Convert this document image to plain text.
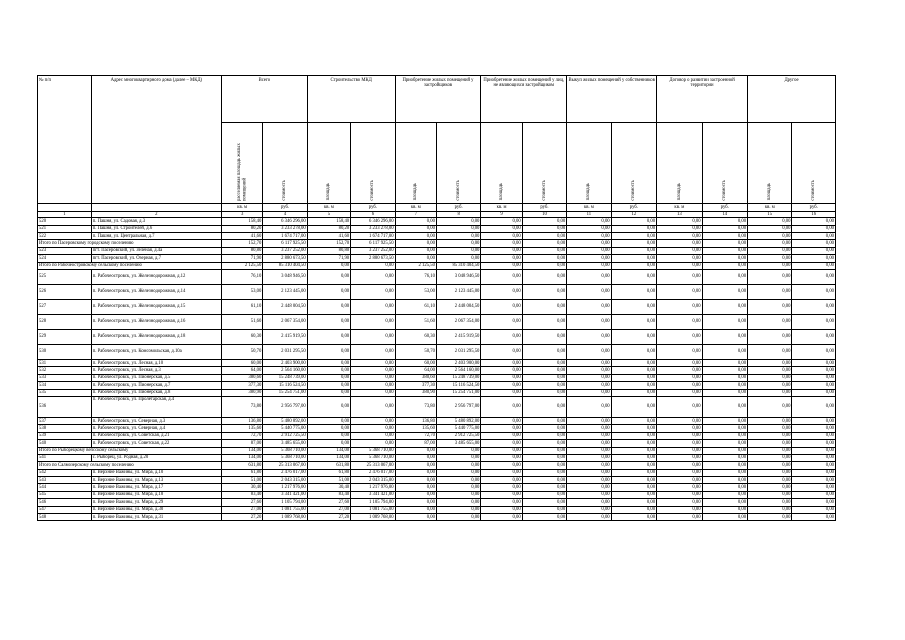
№ п/п	Адрес многоквартирного дома (далее – МКД)	Всего		Строительство МКД		Приобретение жилых помещений у застройщиков		Приобретение жилых помещений у лиц, не являющихся застройщиком		Выкуп жилых помещений у собственников		Договор о развитии застроенной территории		Другое	
		расселяемая площадь жилых помещений	стоимость	площадь	стоимость	площадь	стоимость	площадь	стоимость	площадь	стоимость	площадь	стоимость	площадь	стоимость
		кв. м	руб.	кв. м	руб.	кв. м	руб.	кв. м	руб.	кв. м	руб.	кв. м	руб.	кв. м	руб.
1	2	3	4	5	6	7	8	9	10	11	12	13	14	15	16
520	п. Пашня, ул. Садовая, д.3	158,40	6 346 296,00	158,40	6 346 296,00	0,00	0,00	0,00	0,00	0,00	0,00	0,00	0,00	0,00	0,00
521	п. Пашня, ул. Строителей, д.6	80,20	3 233 278,00	80,20	3 233 278,00	0,00	0,00	0,00	0,00	0,00	0,00	0,00	0,00	0,00	0,00
522	п. Пашня, ул. Центральная, д.7	41,60	1 674 717,00	41,60	1 674 717,00	0,00	0,00	0,00	0,00	0,00	0,00	0,00	0,00	0,00	0,00
Итого по Пасеровскому городскому поселению		152,70	6 117 925,50	152,70	6 117 925,50	0,00	0,00	0,00	0,00	0,00	0,00	0,00	0,00	0,00	0,00
523	пгт. Пасеровский, ул. Зеленая, д.4а	80,80	3 237 252,00	80,80	3 237 252,00	0,00	0,00	0,00	0,00	0,00	0,00	0,00	0,00	0,00	0,00
524	пгт. Пасеровский, ул. Озерная, д.7	71,90	2 880 673,50	71,90	2 880 673,50	0,00	0,00	0,00	0,00	0,00	0,00	0,00	0,00	0,00	0,00
Итого по Рабочеостровскому сельскому поселению		2 125,50	85 310 404,50	0,00	0,00	2 125,50	85 310 404,50	0,00	0,00	0,00	0,00	0,00	0,00	0,00	0,00
525	п. Рабочеостровск, ул. Железнодорожная, д.12	76,10	3 048 946,50	0,00	0,00	76,10	3 048 946,50	0,00	0,00	0,00	0,00	0,00	0,00	0,00	0,00
526	п. Рабочеостровск, ул. Железнодорожная, д.14	53,00	2 123 445,00	0,00	0,00	53,00	2 123 445,00	0,00	0,00	0,00	0,00	0,00	0,00	0,00	0,00
527	п. Рабочеостровск, ул. Железнодорожная, д.15	61,10	2 448 004,50	0,00	0,00	61,10	2 448 004,50	0,00	0,00	0,00	0,00	0,00	0,00	0,00	0,00
528	п. Рабочеостровск, ул. Железнодорожная, д.16	51,60	2 067 354,00	0,00	0,00	51,60	2 067 354,00	0,00	0,00	0,00	0,00	0,00	0,00	0,00	0,00
529	п. Рабочеостровск, ул. Железнодорожная, д.18	60,30	2 415 919,50	0,00	0,00	60,30	2 415 919,50	0,00	0,00	0,00	0,00	0,00	0,00	0,00	0,00
530	п. Рабочеостровск, ул. Комсомольская, д.10а	50,70	2 031 295,50	0,00	0,00	50,70	2 031 295,50	0,00	0,00	0,00	0,00	0,00	0,00	0,00	0,00
531	п. Рабочеостровск, ул. Лесная, д.10	60,00	2 403 900,00	0,00	0,00	60,00	2 403 900,00	0,00	0,00	0,00	0,00	0,00	0,00	0,00	0,00
532	п. Рабочеостровск, ул. Лесная, д.3	64,00	2 564 160,00	0,00	0,00	64,00	2 564 160,00	0,00	0,00	0,00	0,00	0,00	0,00	0,00	0,00
533	п. Рабочеостровск, ул. Пионерская, д.5	380,60	15 248 739,00	0,00	0,00	380,60	15 248 739,00	0,00	0,00	0,00	0,00	0,00	0,00	0,00	0,00
534	п. Рабочеостровск, ул. Пионерская, д.7	377,30	15 116 524,50	0,00	0,00	377,30	15 116 524,50	0,00	0,00	0,00	0,00	0,00	0,00	0,00	0,00
535	п. Рабочеостровск, ул. Пионерская, д.8	380,90	15 254 751,00	0,00	0,00	380,90	15 254 751,00	0,00	0,00	0,00	0,00	0,00	0,00	0,00	0,00
536	п. Рабочеостровск, ул. Пролетарская, д.4	73,80	2 956 797,00	0,00	0,00	73,80	2 956 797,00	0,00	0,00	0,00	0,00	0,00	0,00	0,00	0,00
537	п. Рабочеостровск, ул. Северная, д.3	136,80	5 480 892,00	0,00	0,00	136,80	5 480 892,00	0,00	0,00	0,00	0,00	0,00	0,00	0,00	0,00
538	п. Рабочеостровск, ул. Северная, д.4	135,60	5 440 775,00	0,00	0,00	135,60	5 440 775,00	0,00	0,00	0,00	0,00	0,00	0,00	0,00	0,00
539	п. Рабочеостровск, ул. Советская, д.21	72,70	2 912 725,50	0,00	0,00	72,70	2 912 725,50	0,00	0,00	0,00	0,00	0,00	0,00	0,00	0,00
540	п. Рабочеостровск, ул. Советская, д.22	87,00	3 485 655,00	0,00	0,00	87,00	3 485 655,00	0,00	0,00	0,00	0,00	0,00	0,00	0,00	0,00
Итого по Рыборецкому вепсскому сельскому		134,00	5 368 710,00	134,00	5 368 710,00	0,00	0,00	0,00	0,00	0,00	0,00	0,00	0,00	0,00	0,00
541	с. Рыборец, ул. Родная, д.20	134,00	5 368 710,00	134,00	5 368 710,00	0,00	0,00	0,00	0,00	0,00	0,00	0,00	0,00	0,00	0,00
Итого по Салмозерскому сельскому поселению		631,80	25 313 067,00	631,80	25 313 067,00	0,00	0,00	0,00	0,00	0,00	0,00	0,00	0,00	0,00	0,00
542	п. Верхние Важины, ул. Мира, д.10	61,80	2 476 017,00	61,80	2 476 017,00	0,00	0,00	0,00	0,00	0,00	0,00	0,00	0,00	0,00	0,00
543	п. Верхние Важины, ул. Мира, д.13	51,00	2 043 315,00	51,00	2 043 315,00	0,00	0,00	0,00	0,00	0,00	0,00	0,00	0,00	0,00	0,00
544	п. Верхние Важины, ул. Мира, д.17	30,40	1 217 976,00	30,40	1 217 976,00	0,00	0,00	0,00	0,00	0,00	0,00	0,00	0,00	0,00	0,00
545	п. Верхние Важины, ул. Мира, д.18	83,40	3 341 421,00	83,40	3 341 421,00	0,00	0,00	0,00	0,00	0,00	0,00	0,00	0,00	0,00	0,00
546	п. Верхние Важины, ул. Мира, д.29	27,60	1 105 794,00	27,60	1 105 794,00	0,00	0,00	0,00	0,00	0,00	0,00	0,00	0,00	0,00	0,00
547	п. Верхние Важины, ул. Мира, д.30	27,00	1 081 755,00	27,00	1 081 755,00	0,00	0,00	0,00	0,00	0,00	0,00	0,00	0,00	0,00	0,00
548	п. Верхние Важины, ул. Мира, д.31	27,20	1 089 768,00	27,20	1 089 768,00	0,00	0,00	0,00	0,00	0,00	0,00	0,00	0,00	0,00	0,00
